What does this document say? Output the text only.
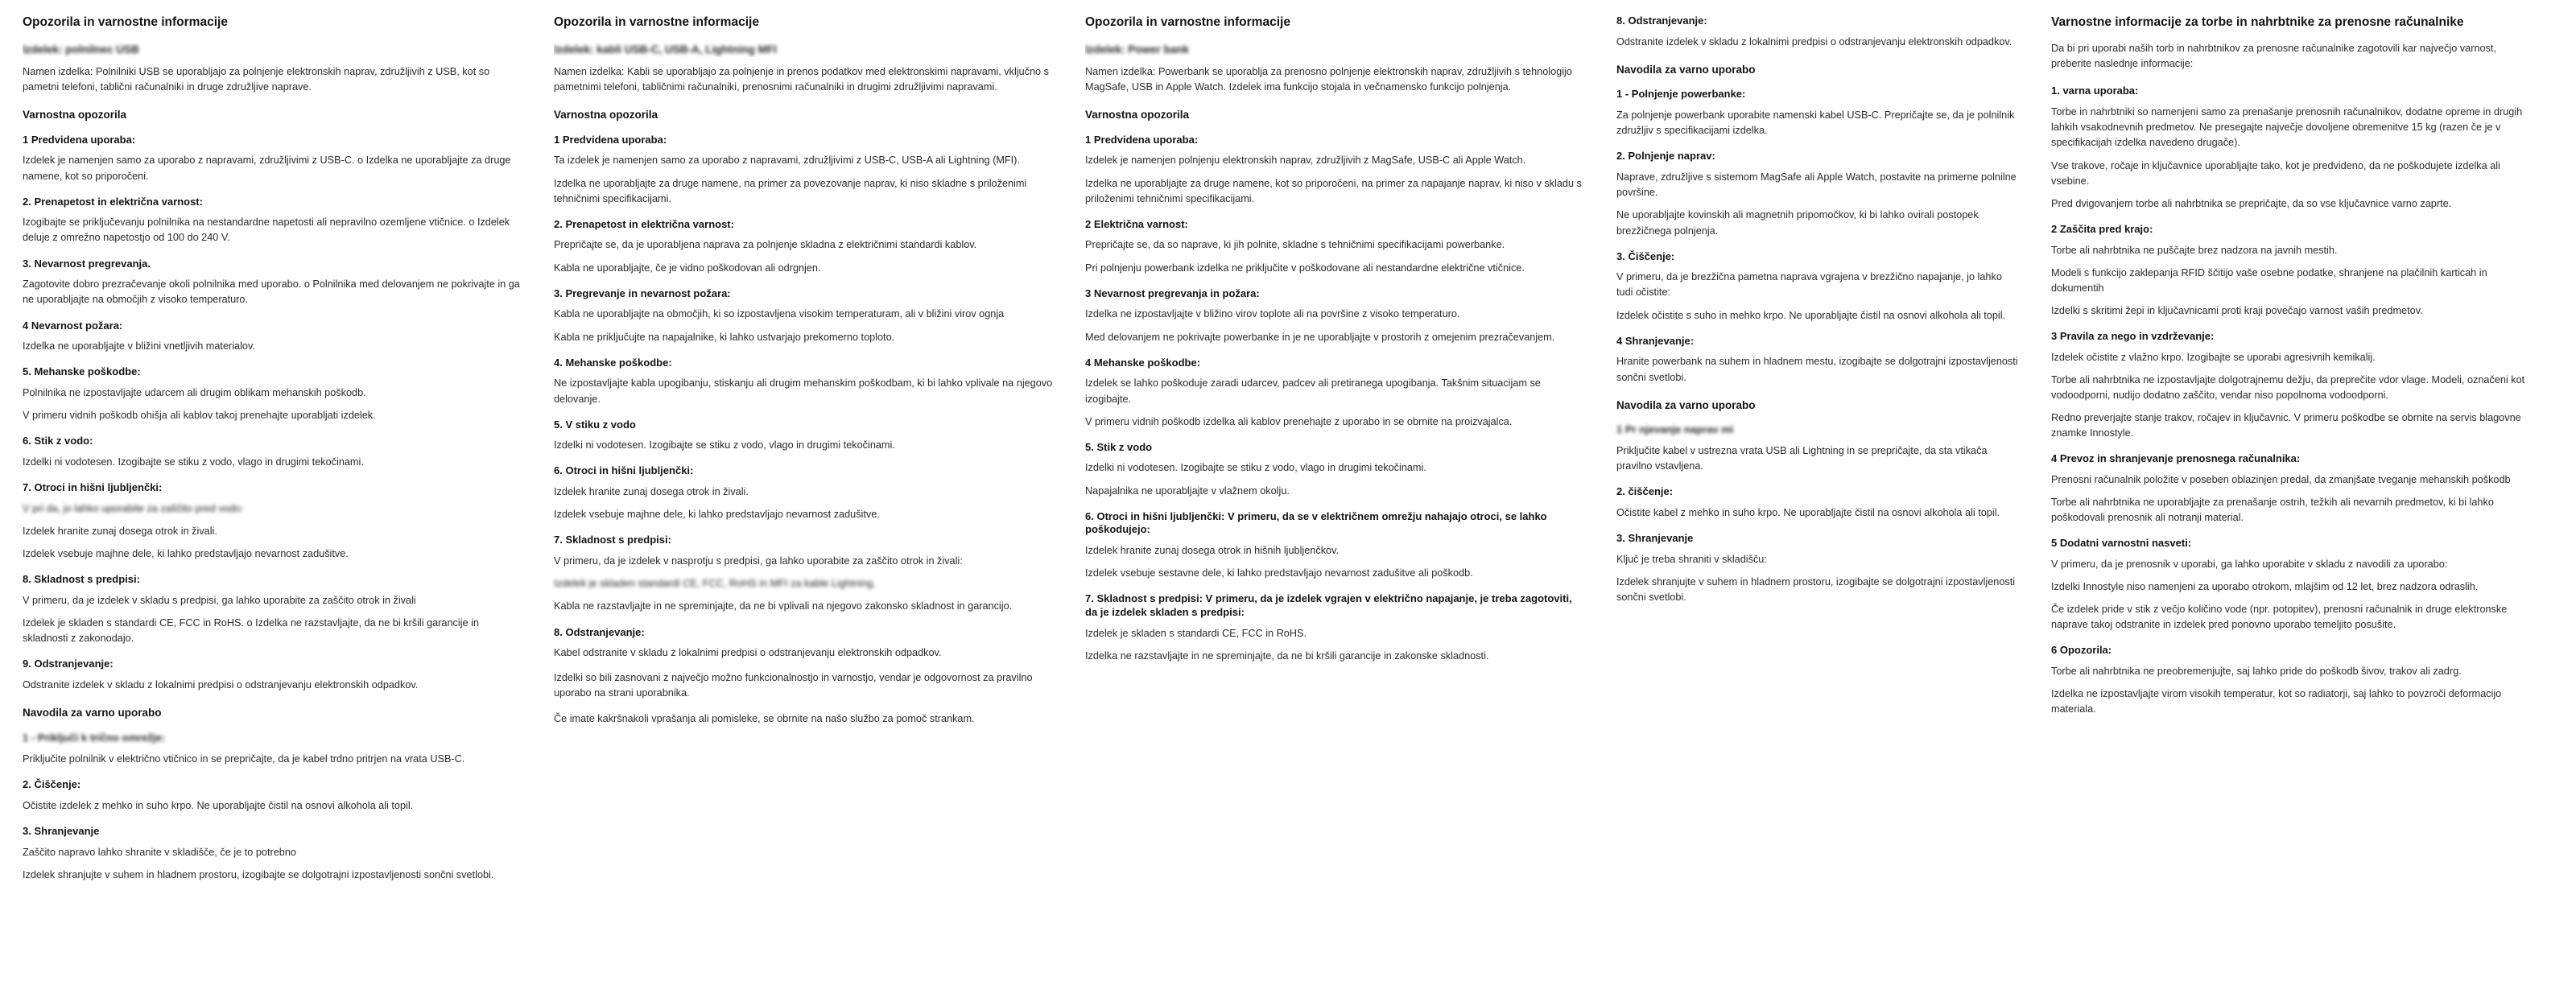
Opozorila in varnostne informacije
Izdelek: polnilnec USB

Namen izdelka: Polnilniki USB se uporabljajo za polnjenje elektronskih naprav, združljivih z USB, kot so pametni telefoni, tablični računalniki in druge združljive naprave.

Varnostna opozorila
1 Predvidena uporaba:

Izdelek je namenjen samo za uporabo z napravami, združljivimi z USB-C. o Izdelka ne uporabljajte za druge namene, kot so priporočeni.

2. Prenapetost in električna varnost:

Izogibajte se priključevanju polnilnika na nestandardne napetosti ali nepravilno ozemljene vtičnice. o Izdelek deluje z omrežno napetostjo od 100 do 240 V.

3. Nevarnost pregrevanja.

Zagotovite dobro prezračevanje okoli polnilnika med uporabo. o Polnilnika med delovanjem ne pokrivajte in ga ne uporabljajte na območjih z visoko temperaturo.

4 Nevarnost požara:

Izdelka ne uporabljajte v bližini vnetljivih materialov.

5. Mehanske poškodbe:

Polnilnika ne izpostavljajte udarcem ali drugim oblikam mehanskih poškodb.

V primeru vidnih poškodb ohišja ali kablov takoj prenehajte uporabljati izdelek.

6. Stik z vodo:

Izdelki ni vodotesen. Izogibajte se stiku z vodo, vlago in drugimi tekočinami.

7. Otroci in hišni ljubljenčki:

V pri da, jo lahko uporabite za zaščito pred vodo:

Izdelek hranite zunaj dosega otrok in živali.

Izdelek vsebuje majhne dele, ki lahko predstavljajo nevarnost zadušitve.

8. Skladnost s predpisi:

V primeru, da je izdelek v skladu s predpisi, ga lahko uporabite za zaščito otrok in živali

Izdelek je skladen s standardi CE, FCC in RoHS. o Izdelka ne razstavljajte, da ne bi kršili garancije in skladnosti z zakonodajo.

9. Odstranjevanje:

Odstranite izdelek v skladu z lokalnimi predpisi o odstranjevanju elektronskih odpadkov.

Navodila za varno uporabo
1 - Priključi k trično omrežje:

Priključite polnilnik v električno vtičnico in se prepričajte, da je kabel trdno pritrjen na vrata USB-C.

2. Čiščenje:

Očistite izdelek z mehko in suho krpo. Ne uporabljajte čistil na osnovi alkohola ali topil.

3. Shranjevanje

Zaščito napravo lahko shranite v skladišče, če je to potrebno

Izdelek shranjujte v suhem in hladnem prostoru, izogibajte se dolgotrajni izpostavljenosti sončni svetlobi.

Opozorila in varnostne informacije
Izdelek: kabli USB-C, USB-A, Lightning MFI

Namen izdelka: Kabli se uporabljajo za polnjenje in prenos podatkov med elektronskimi napravami, vključno s pametnimi telefoni, tabličnimi računalniki, prenosnimi računalniki in drugimi združljivimi napravami.

Varnostna opozorila
1 Predvidena uporaba:

Ta izdelek je namenjen samo za uporabo z napravami, združljivimi z USB-C, USB-A ali Lightning (MFI).

Izdelka ne uporabljajte za druge namene, na primer za povezovanje naprav, ki niso skladne s priloženimi tehničnimi specifikacijami.

2. Prenapetost in električna varnost:

Prepričajte se, da je uporabljena naprava za polnjenje skladna z električnimi standardi kablov.

Kabla ne uporabljajte, če je vidno poškodovan ali odrgnjen.

3. Pregrevanje in nevarnost požara:

Kabla ne uporabljajte na območjih, ki so izpostavljena visokim temperaturam, ali v bližini virov ognja

Kabla ne priključujte na napajalnike, ki lahko ustvarjajo prekomerno toploto.

4. Mehanske poškodbe:

Ne izpostavljajte kabla upogibanju, stiskanju ali drugim mehanskim poškodbam, ki bi lahko vplivale na njegovo delovanje.

5. V stiku z vodo

Izdelki ni vodotesen. Izogibajte se stiku z vodo, vlago in drugimi tekočinami.

6. Otroci in hišni ljubljenčki:

Izdelek hranite zunaj dosega otrok in živali.

Izdelek vsebuje majhne dele, ki lahko predstavljajo nevarnost zadušitve.

7. Skladnost s predpisi:

V primeru, da je izdelek v nasprotju s predpisi, ga lahko uporabite za zaščito otrok in živali:

Izdelek je skladen standardi CE, FCC, RoHS in MFI za kable Lightning.

Kabla ne razstavljajte in ne spreminjajte, da ne bi vplivali na njegovo zakonsko skladnost in garancijo.

8. Odstranjevanje:

Kabel odstranite v skladu z lokalnimi predpisi o odstranjevanju elektronskih odpadkov.

Izdelki so bili zasnovani z največjo možno funkcionalnostjo in varnostjo, vendar je odgovornost za pravilno uporabo na strani uporabnika.

Če imate kakršnakoli vprašanja ali pomisleke, se obrnite na našo službo za pomoč strankam.

Opozorila in varnostne informacije
Izdelek: Power bank

Namen izdelka: Powerbank se uporablja za prenosno polnjenje elektronskih naprav, združljivih s tehnologijo MagSafe, USB in Apple Watch. Izdelek ima funkcijo stojala in večnamensko funkcijo polnjenja.

Varnostna opozorila
1 Predvidena uporaba:

Izdelek je namenjen polnjenju elektronskih naprav, združljivih z MagSafe, USB-C ali Apple Watch.

Izdelka ne uporabljajte za druge namene, kot so priporočeni, na primer za napajanje naprav, ki niso v skladu s priloženimi tehničnimi specifikacijami.

2 Električna varnost:

Prepričajte se, da so naprave, ki jih polnite, skladne s tehničnimi specifikacijami powerbanke.

Pri polnjenju powerbank izdelka ne priključite v poškodovane ali nestandardne električne vtičnice.

3 Nevarnost pregrevanja in požara:

Izdelka ne izpostavljajte v bližino virov toplote ali na površine z visoko temperaturo.

Med delovanjem ne pokrivajte powerbanke in je ne uporabljajte v prostorih z omejenim prezračevanjem.

4 Mehanske poškodbe:

Izdelek se lahko poškoduje zaradi udarcev, padcev ali pretiranega upogibanja. Takšnim situacijam se izogibajte.

V primeru vidnih poškodb izdelka ali kablov prenehajte z uporabo in se obrnite na proizvajalca.

5. Stik z vodo

Izdelki ni vodotesen. Izogibajte se stiku z vodo, vlago in drugimi tekočinami.

Napajalnika ne uporabljajte v vlažnem okolju.

6. Otroci in hišni ljubljenčki: V primeru, da se v električnem omrežju nahajajo otroci, se lahko poškodujejo:

Izdelek hranite zunaj dosega otrok in hišnih ljubljenčkov.

Izdelek vsebuje sestavne dele, ki lahko predstavljajo nevarnost zadušitve ali poškodb.

7. Skladnost s predpisi: V primeru, da je izdelek vgrajen v električno napajanje, je treba zagotoviti, da je izdelek skladen s predpisi:

Izdelek je skladen s standardi CE, FCC in RoHS.

Izdelka ne razstavljajte in ne spreminjajte, da ne bi kršili garancije in zakonske skladnosti.

8. Odstranjevanje:

Odstranite izdelek v skladu z lokalnimi predpisi o odstranjevanju elektronskih odpadkov.

Navodila za varno uporabo
1 - Polnjenje powerbanke:

Za polnjenje powerbank uporabite namenski kabel USB-C. Prepričajte se, da je polnilnik združljiv s specifikacijami izdelka.

2. Polnjenje naprav:

Naprave, združljive s sistemom MagSafe ali Apple Watch, postavite na primerne polnilne površine.

Ne uporabljajte kovinskih ali magnetnih pripomočkov, ki bi lahko ovirali postopek brezžičnega polnjenja.

3. Čiščenje:

V primeru, da je brezžična pametna naprava vgrajena v brezžično napajanje, jo lahko tudi očistite:

Izdelek očistite s suho in mehko krpo. Ne uporabljajte čistil na osnovi alkohola ali topil.

4 Shranjevanje:

Hranite powerbank na suhem in hladnem mestu, izogibajte se dolgotrajni izpostavljenosti sončni svetlobi.

Navodila za varno uporabo
1 Pr njevanje naprav mi

Priključite kabel v ustrezna vrata USB ali Lightning in se prepričajte, da sta vtikača pravilno vstavljena.

2. čiščenje:

Očistite kabel z mehko in suho krpo. Ne uporabljajte čistil na osnovi alkohola ali topil.

3. Shranjevanje

Ključ je treba shraniti v skladišču:

Izdelek shranjujte v suhem in hladnem prostoru, izogibajte se dolgotrajni izpostavljenosti sončni svetlobi.

Varnostne informacije za torbe in nahrbtnike za prenosne računalnike

Da bi pri uporabi naših torb in nahrbtnikov za prenosne računalnike zagotovili kar največjo varnost, preberite naslednje informacije:

1. varna uporaba:

Torbe in nahrbtniki so namenjeni samo za prenašanje prenosnih računalnikov, dodatne opreme in drugih lahkih vsakodnevnih predmetov. Ne presegajte največje dovoljene obremenitve 15 kg (razen če je v specifikacijah izdelka navedeno drugače).

Vse trakove, ročaje in ključavnice uporabljajte tako, kot je predvideno, da ne poškodujete izdelka ali vsebine.

Pred dvigovanjem torbe ali nahrbtnika se prepričajte, da so vse ključavnice varno zaprte.

2 Zaščita pred krajo:

Torbe ali nahrbtnika ne puščajte brez nadzora na javnih mestih.

Modeli s funkcijo zaklepanja RFID ščitijo vaše osebne podatke, shranjene na plačilnih karticah in dokumentih

Izdelki s skritimi žepi in ključavnicami proti kraji povečajo varnost vaših predmetov.

3 Pravila za nego in vzdrževanje:

Izdelek očistite z vlažno krpo. Izogibajte se uporabi agresivnih kemikalij.

Torbe ali nahrbtnika ne izpostavljajte dolgotrajnemu dežju, da preprečite vdor vlage. Modeli, označeni kot vodoodporni, nudijo dodatno zaščito, vendar niso popolnoma vodoodporni.

Redno preverjajte stanje trakov, ročajev in ključavnic. V primeru poškodbe se obrnite na servis blagovne znamke Innostyle.

4 Prevoz in shranjevanje prenosnega računalnika:

Prenosni računalnik položite v poseben oblazinjen predal, da zmanjšate tveganje mehanskih poškodb

Torbe ali nahrbtnika ne uporabljajte za prenašanje ostrih, težkih ali nevarnih predmetov, ki bi lahko poškodovali prenosnik ali notranji material.

5 Dodatni varnostni nasveti:

V primeru, da je prenosnik v uporabi, ga lahko uporabite v skladu z navodili za uporabo:

Izdelki Innostyle niso namenjeni za uporabo otrokom, mlajšim od 12 let, brez nadzora odraslih.

Če izdelek pride v stik z večjo količino vode (npr. potopitev), prenosni računalnik in druge elektronske naprave takoj odstranite in izdelek pred ponovno uporabo temeljito posušite.

6 Opozorila:

Torbe ali nahrbtnika ne preobremenjujte, saj lahko pride do poškodb šivov, trakov ali zadrg.

Izdelka ne izpostavljajte virom visokih temperatur, kot so radiatorji, saj lahko to povzroči deformacijo materiala.
